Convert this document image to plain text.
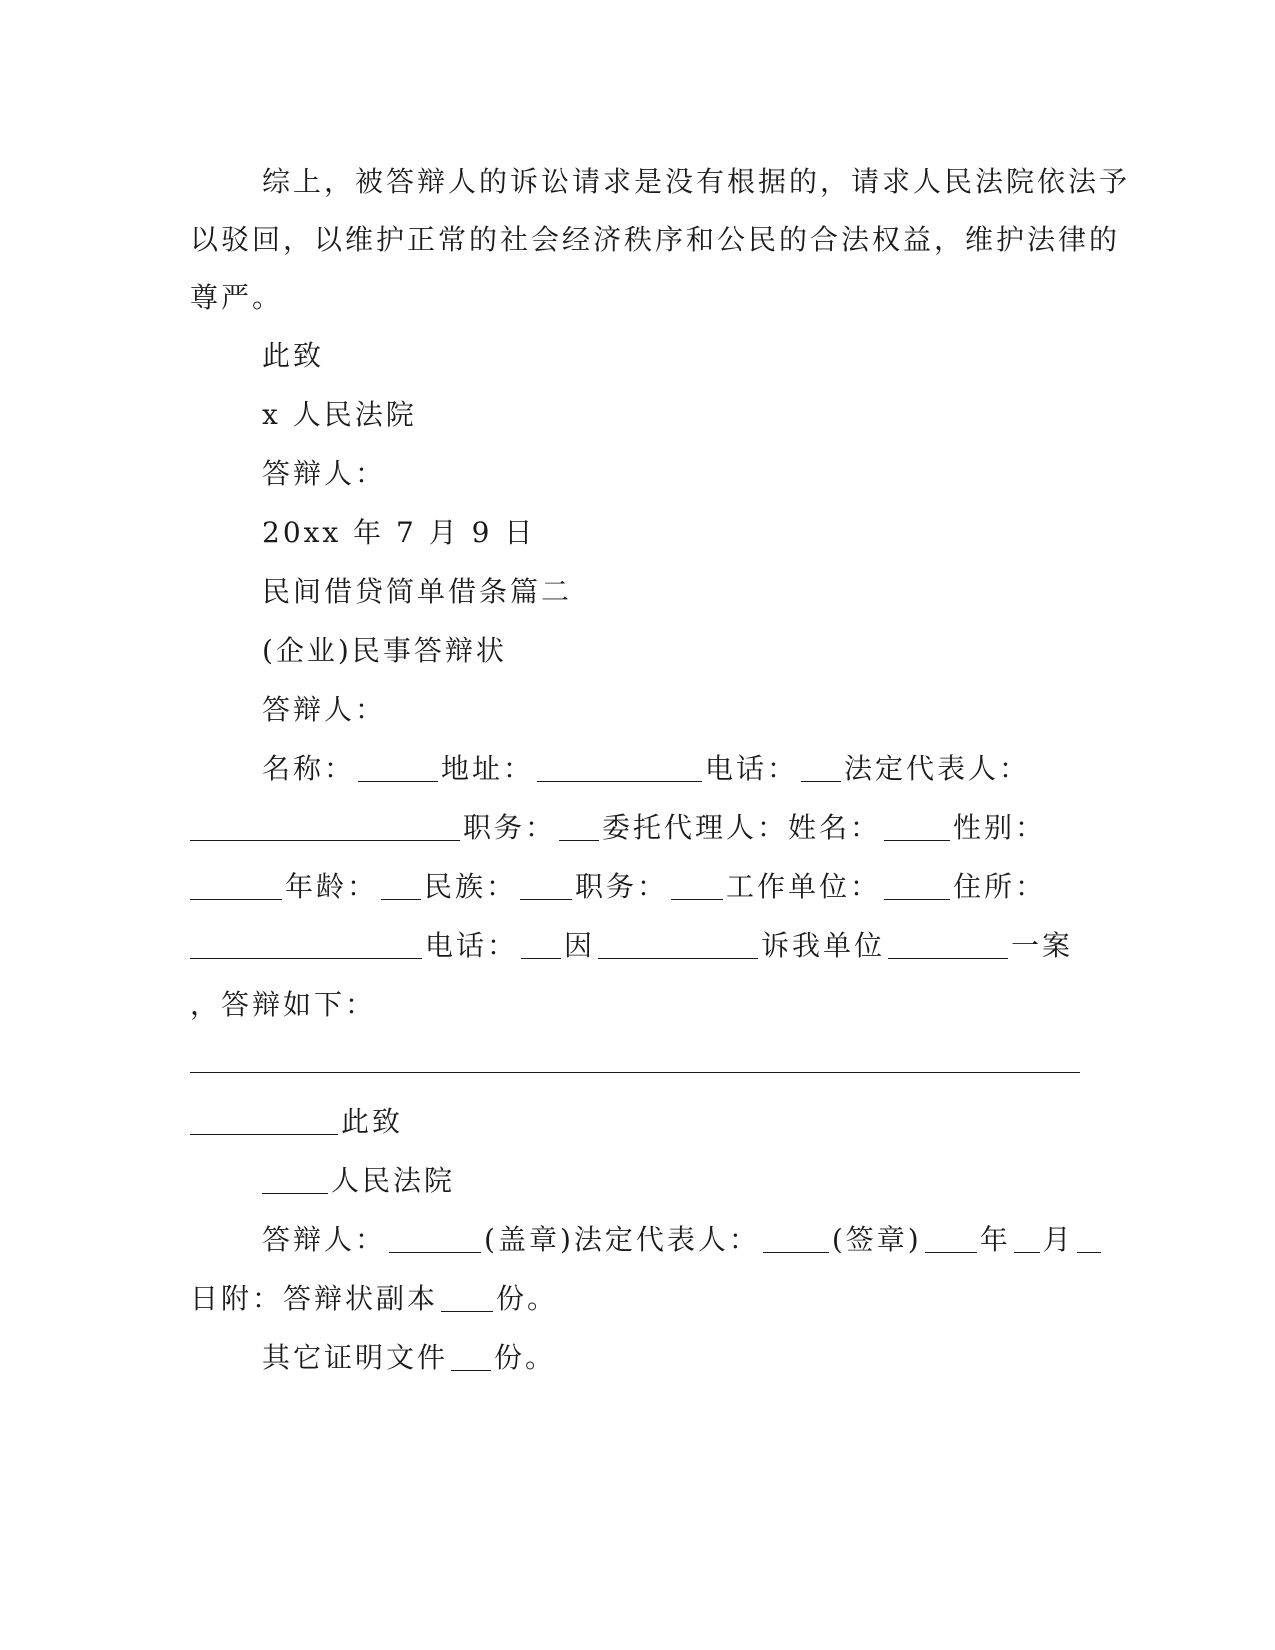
综上，被答辩人的诉讼请求是没有根据的，请求人民法院依法予
以驳回，以维护正常的社会经济秩序和公民的合法权益，维护法律的
尊严。
此致
x 人民法院
答辩人：
20xx 年 7 月 9 日
民间借贷简单借条篇二
(企业)民事答辩状
答辩人：
名称：	地址：	电话： 法定代表人：
职务： 委托代理人：姓名：	性别：
年龄： 民族： 职务： 工作单位：	住所：
电话： 因	诉我单位	一案
，答辩如下：
此致
人民法院
答辩人：	(盖章)法定代表人：	(签章) 年 月
日附：答辩状副本 份。
其它证明文件 份。
